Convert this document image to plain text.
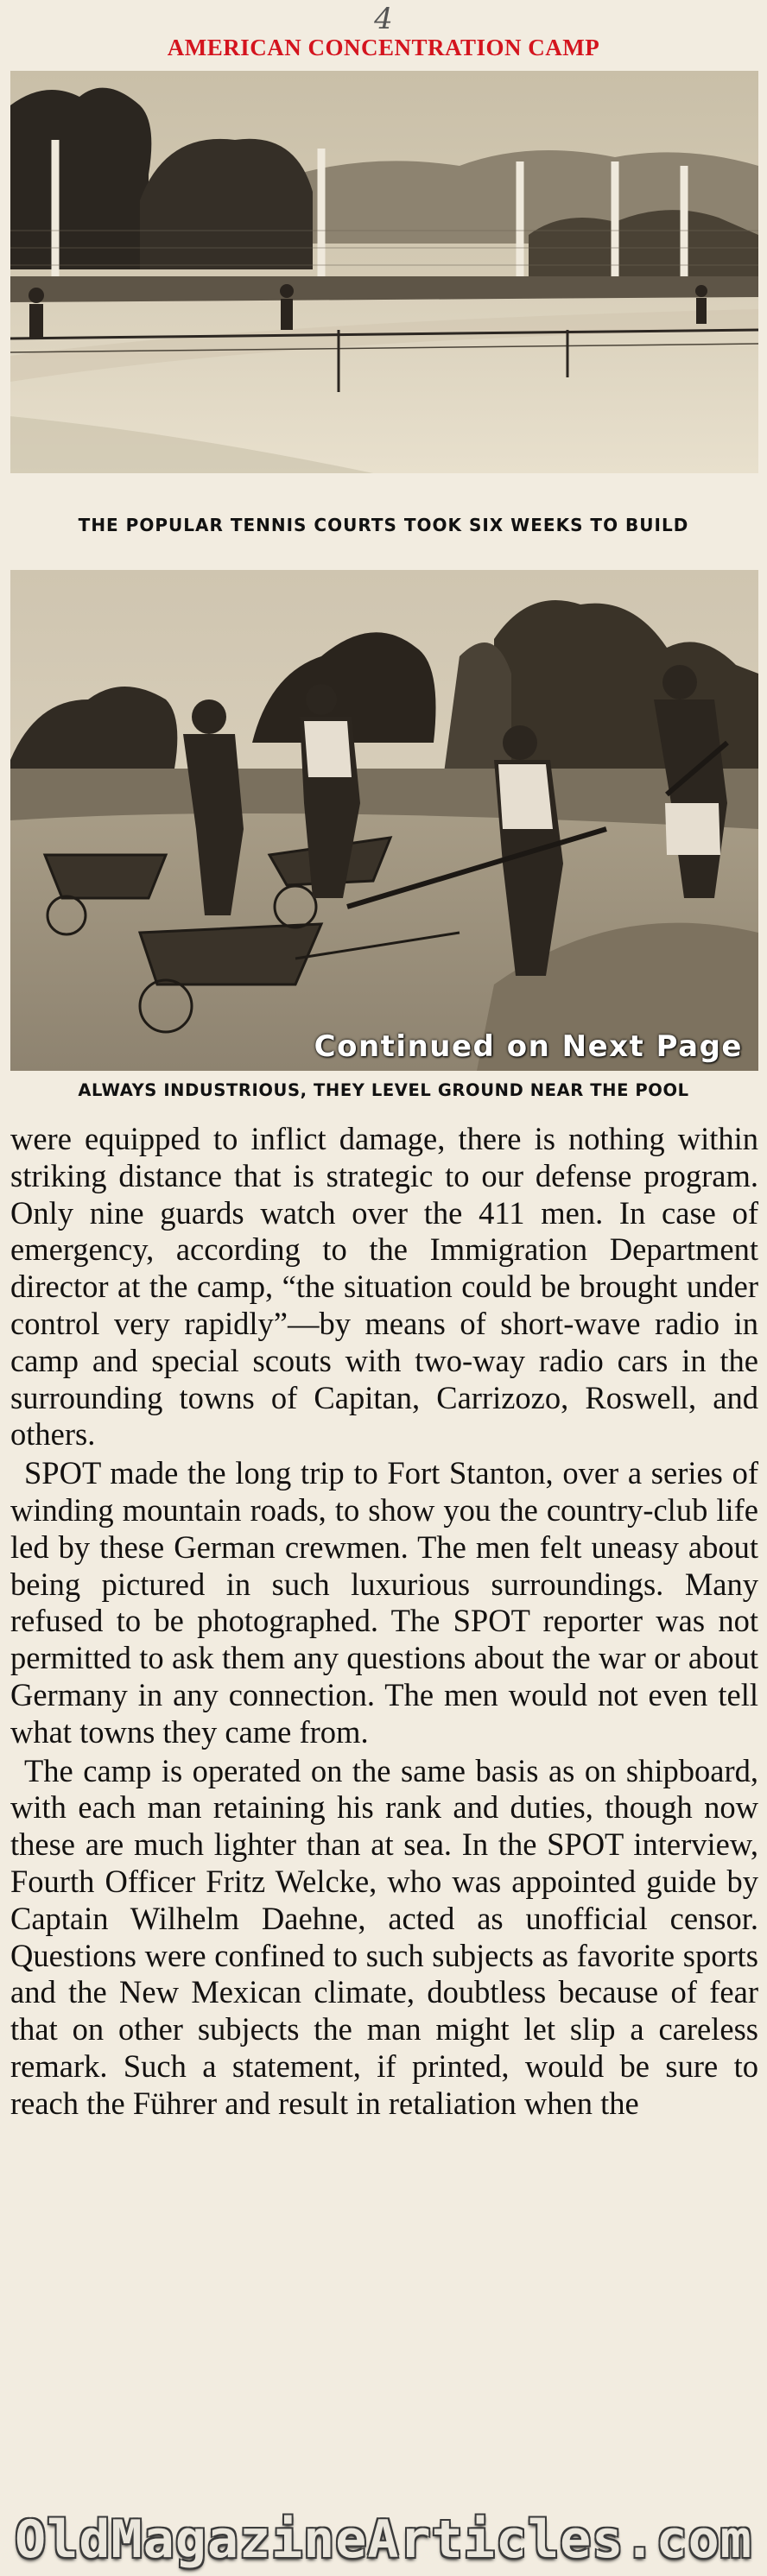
4
AMERICAN CONCENTRATION CAMP
THE POPULAR TENNIS COURTS TOOK SIX WEEKS TO BUILD
Continued on Next Page
ALWAYS INDUSTRIOUS, THEY LEVEL GROUND NEAR THE POOL

were equipped to inflict damage, there is nothing within striking distance that is strategic to our defense program. Only nine guards watch over the 411 men. In case of emergency, according to the Immigration Department director at the camp, “the situation could be brought under control very rapidly”—by means of short-wave radio in camp and special scouts with two-way radio cars in the surrounding towns of Capitan, Carrizozo, Roswell, and others.

SPOT made the long trip to Fort Stanton, over a series of winding mountain roads, to show you the country-club life led by these German crewmen. The men felt uneasy about being pictured in such luxurious surroundings. Many refused to be photographed. The SPOT reporter was not permitted to ask them any questions about the war or about Germany in any connection. The men would not even tell what towns they came from.

The camp is operated on the same basis as on shipboard, with each man retaining his rank and duties, though now these are much lighter than at sea. In the SPOT interview, Fourth Officer Fritz Welcke, who was appointed guide by Captain Wilhelm Daehne, acted as unofficial censor. Questions were confined to such subjects as favorite sports and the New Mexican climate, doubtless because of fear that on other subjects the man might let slip a careless remark. Such a statement, if printed, would be sure to reach the Führer and result in retaliation when the

OldMagazineArticles.com
